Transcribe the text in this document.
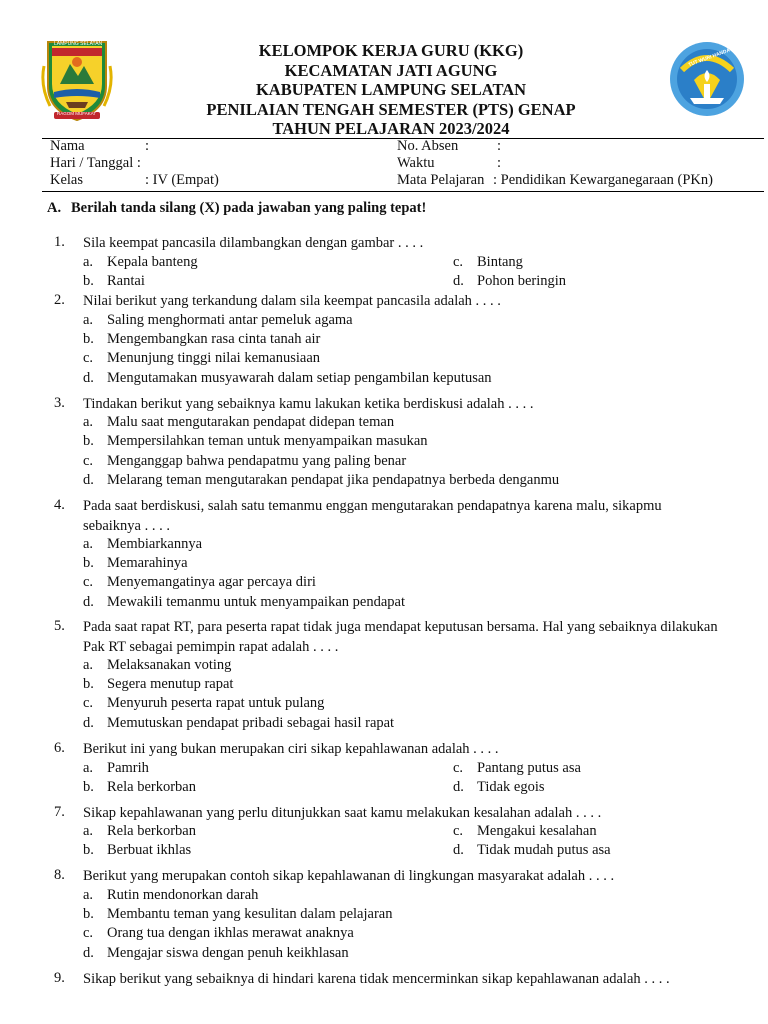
LAMPUNG SELATAN
RAGOM MUFAKAT
TUT WURI HANDAYANI
KELOMPOK KERJA GURU (KKG)
KECAMATAN JATI AGUNG
KABUPATEN LAMPUNG SELATAN
PENILAIAN TENGAH SEMESTER (PTS) GENAP
TAHUN PELAJARAN 2023/2024
Nama	:	No. Absen	:
Hari / Tanggal :	Waktu	:
Kelas	: IV (Empat)	Mata Pelajaran : Pendidikan Kewarganegaraan (PKn)
A. Berilah tanda silang (X) pada jawaban yang paling tepat!
1. Sila keempat pancasila dilambangkan dengan gambar . . . .
a. Kepala banteng
b. Rantai
c. Bintang
d. Pohon beringin
2. Nilai berikut yang terkandung dalam sila keempat pancasila adalah . . . .
a. Saling menghormati antar pemeluk agama
b. Mengembangkan rasa cinta tanah air
c. Menunjung tinggi nilai kemanusiaan
d. Mengutamakan musyawarah dalam setiap pengambilan keputusan
3. Tindakan berikut yang sebaiknya kamu lakukan ketika berdiskusi adalah . . . .
a. Malu saat mengutarakan pendapat didepan teman
b. Mempersilahkan teman untuk menyampaikan masukan
c. Menganggap bahwa pendapatmu yang paling benar
d. Melarang teman mengutarakan pendapat jika pendapatnya berbeda denganmu
4. Pada saat berdiskusi, salah satu temanmu enggan mengutarakan pendapatnya karena malu, sikapmu sebaiknya . . . .
a. Membiarkannya
b. Memarahinya
c. Menyemangatinya agar percaya diri
d. Mewakili temanmu untuk menyampaikan pendapat
5. Pada saat rapat RT, para peserta rapat tidak juga mendapat keputusan bersama. Hal yang sebaiknya dilakukan Pak RT sebagai pemimpin rapat adalah . . . .
a. Melaksanakan voting
b. Segera menutup rapat
c. Menyuruh peserta rapat untuk pulang
d. Memutuskan pendapat pribadi sebagai hasil rapat
6. Berikut ini yang bukan merupakan ciri sikap kepahlawanan adalah . . . .
a. Pamrih
b. Rela berkorban
c. Pantang putus asa
d. Tidak egois
7. Sikap kepahlawanan yang perlu ditunjukkan saat kamu melakukan kesalahan adalah . . . .
a. Rela berkorban
b. Berbuat ikhlas
c. Mengakui kesalahan
d. Tidak mudah putus asa
8. Berikut yang merupakan contoh sikap kepahlawanan di lingkungan masyarakat adalah . . . .
a. Rutin mendonorkan darah
b. Membantu teman yang kesulitan dalam pelajaran
c. Orang tua dengan ikhlas merawat anaknya
d. Mengajar siswa dengan penuh keikhlasan
9. Sikap berikut yang sebaiknya di hindari karena tidak mencerminkan sikap kepahlawanan adalah . . . .
